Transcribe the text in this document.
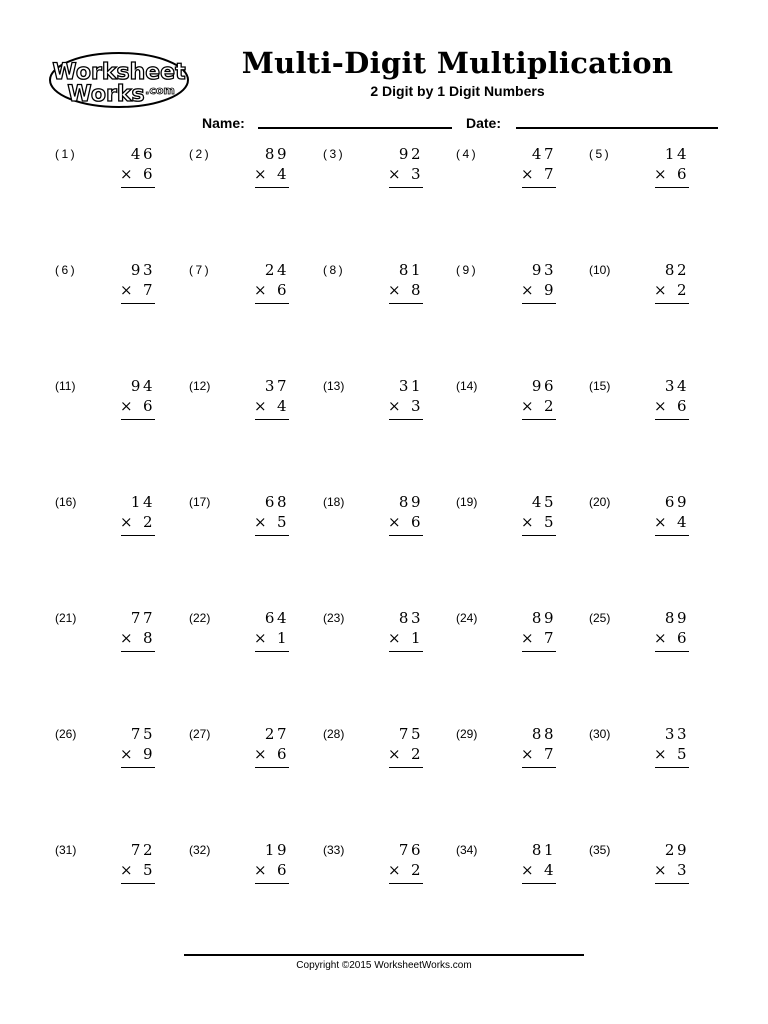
Worksheet
Works .com
Multi-Digit Multiplication
2 Digit by 1 Digit Numbers
Name:	Date:
(1)	46
× 6
(2)	89
× 4
(3)	92
× 3
(4)	47
× 7
(5)	14
× 6
(6)	93
× 7
(7)	24
× 6
(8)	81
× 8
(9)	93
× 9
(10)	82
× 2
(11)	94
× 6
(12)	37
× 4
(13)	31
× 3
(14)	96
× 2
(15)	34
× 6
(16)	14
× 2
(17)	68
× 5
(18)	89
× 6
(19)	45
× 5
(20)	69
× 4
(21)	77
× 8
(22)	64
× 1
(23)	83
× 1
(24)	89
× 7
(25)	89
× 6
(26)	75
× 9
(27)	27
× 6
(28)	75
× 2
(29)	88
× 7
(30)	33
× 5
(31)	72
× 5
(32)	19
× 6
(33)	76
× 2
(34)	81
× 4
(35)	29
× 3
Copyright ©2015 WorksheetWorks.com
